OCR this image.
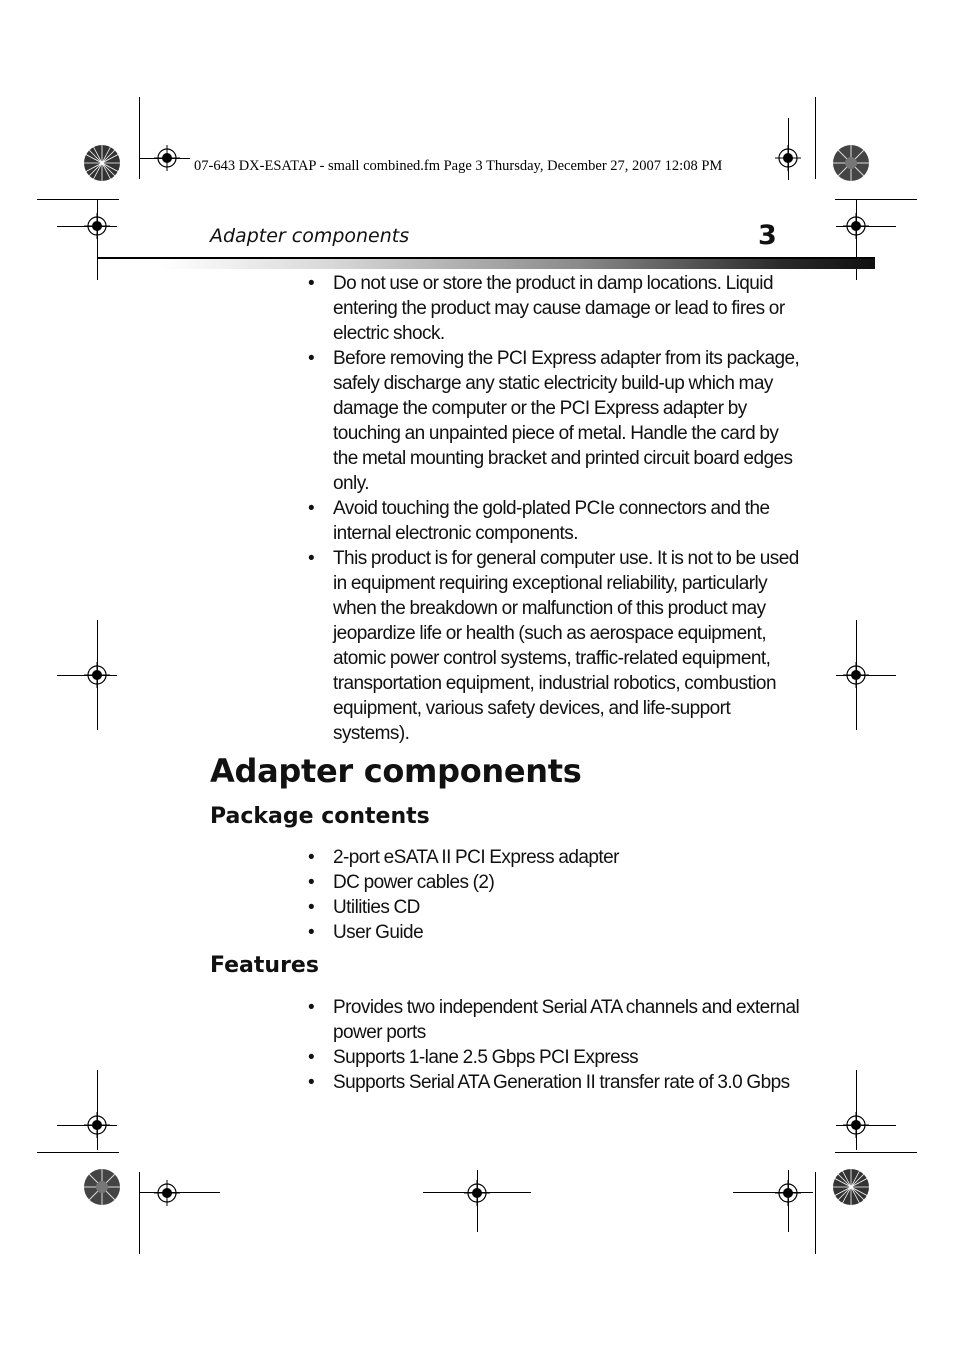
07-643 DX-ESATAP - small combined.fm Page 3 Thursday, December 27, 2007 12:08 PM
Adapter components	3
• Do not use or store the product in damp locations. Liquid entering the product may cause damage or lead to fires or electric shock.
• Before removing the PCI Express adapter from its package, safely discharge any static electricity build-up which may damage the computer or the PCI Express adapter by touching an unpainted piece of metal. Handle the card by the metal mounting bracket and printed circuit board edges only.
• Avoid touching the gold-plated PCIe connectors and the internal electronic components.
• This product is for general computer use. It is not to be used in equipment requiring exceptional reliability, particularly when the breakdown or malfunction of this product may jeopardize life or health (such as aerospace equipment, atomic power control systems, traffic-related equipment, transportation equipment, industrial robotics, combustion equipment, various safety devices, and life-support systems).
Adapter components
Package contents
• 2-port eSATA II PCI Express adapter
• DC power cables (2)
• Utilities CD
• User Guide
Features
• Provides two independent Serial ATA channels and external power ports
• Supports 1-lane 2.5 Gbps PCI Express
• Supports Serial ATA Generation II transfer rate of 3.0 Gbps
